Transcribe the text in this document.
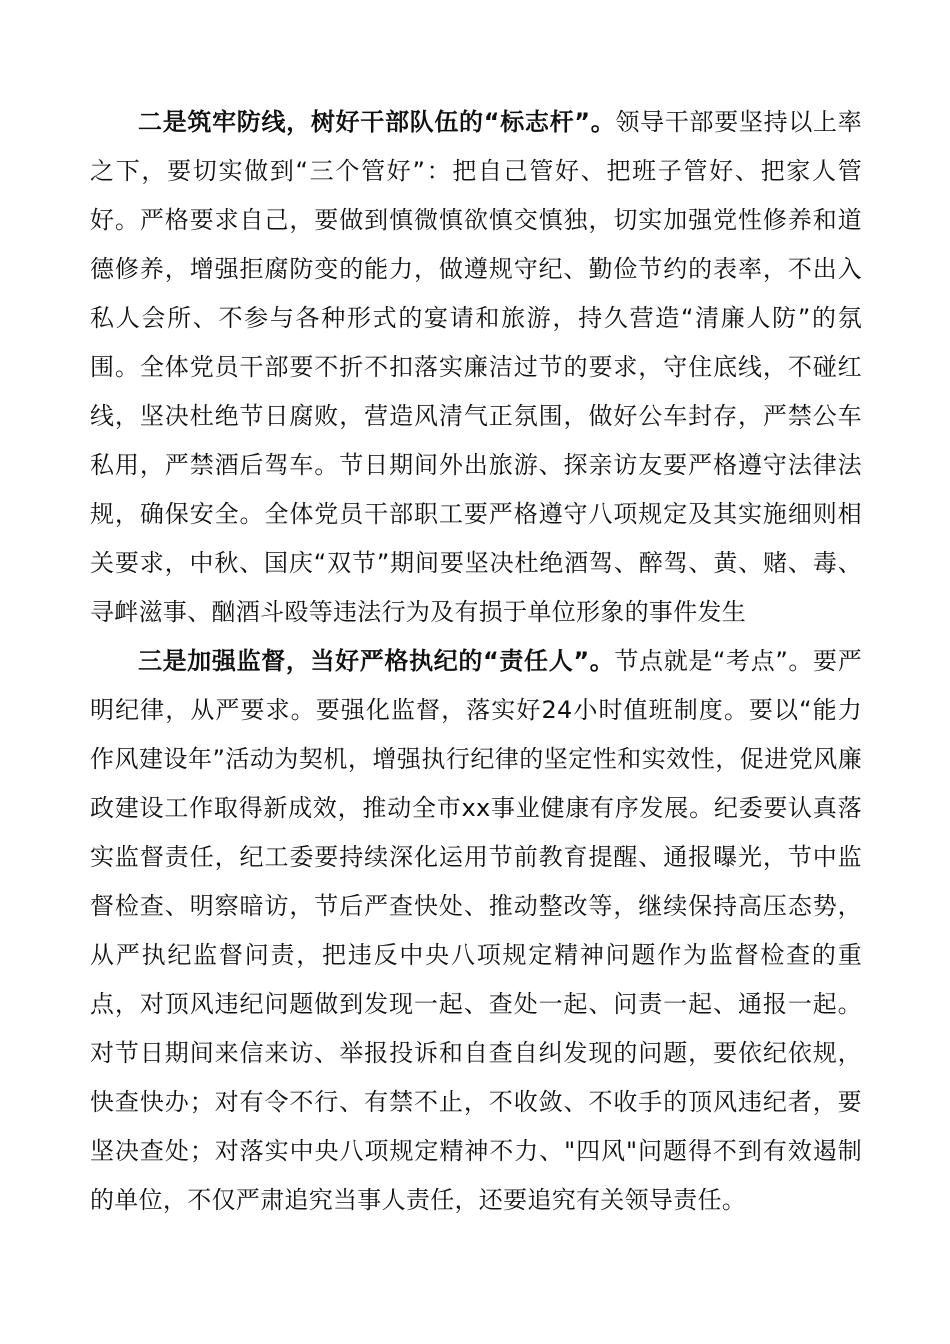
二是筑牢防线，树好干部队伍的“标志杆”。领导干部要坚持以上率之下，要切实做到“三个管好”：把自己管好、把班子管好、把家人管好。严格要求自己，要做到慎微慎欲慎交慎独，切实加强党性修养和道德修养，增强拒腐防变的能力，做遵规守纪、勤俭节约的表率，不出入私人会所、不参与各种形式的宴请和旅游，持久营造“清廉人防”的氛围。全体党员干部要不折不扣落实廉洁过节的要求，守住底线，不碰红线，坚决杜绝节日腐败，营造风清气正氛围，做好公车封存，严禁公车私用，严禁酒后驾车。节日期间外出旅游、探亲访友要严格遵守法律法规，确保安全。全体党员干部职工要严格遵守八项规定及其实施细则相关要求，中秋、国庆“双节”期间要坚决杜绝酒驾、醉驾、黄、赌、毒、寻衅滋事、酗酒斗殴等违法行为及有损于单位形象的事件发生

三是加强监督，当好严格执纪的“责任人”。节点就是“考点”。要严明纪律，从严要求。要强化监督，落实好24小时值班制度。要以“能力作风建设年”活动为契机，增强执行纪律的坚定性和实效性，促进党风廉政建设工作取得新成效，推动全市xx事业健康有序发展。纪委要认真落实监督责任，纪工委要持续深化运用节前教育提醒、通报曝光，节中监督检查、明察暗访，节后严查快处、推动整改等，继续保持高压态势，从严执纪监督问责，把违反中央八项规定精神问题作为监督检查的重点，对顶风违纪问题做到发现一起、查处一起、问责一起、通报一起。对节日期间来信来访、举报投诉和自查自纠发现的问题，要依纪依规，快查快办；对有令不行、有禁不止，不收敛、不收手的顶风违纪者，要坚决查处；对落实中央八项规定精神不力、"四风"问题得不到有效遏制的单位，不仅严肃追究当事人责任，还要追究有关领导责任。
